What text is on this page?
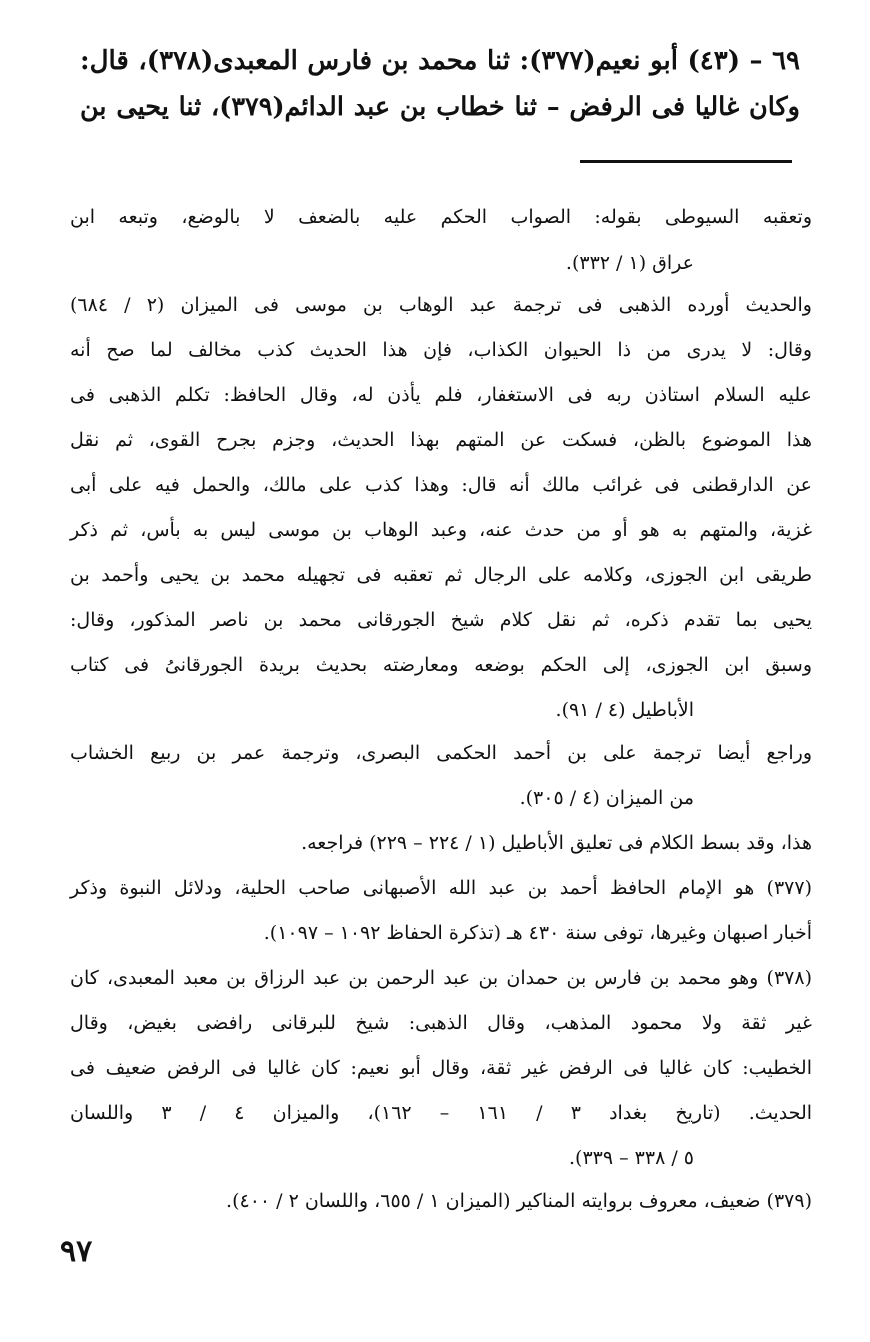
٦٩ – (٤٣) أبو نعيم(٣٧٧): ثنا محمد بن فارس المعبدى(٣٧٨)، قال:
وكان غاليا فى الرفض – ثنا خطاب بن عبد الدائم(٣٧٩)، ثنا يحيى بن
وتعقبه السيوطى بقوله: الصواب الحكم عليه بالضعف لا بالوضع، وتبعه ابن
عراق (١ / ٣٣٢).
والحديث أورده الذهبى فى ترجمة عبد الوهاب بن موسى فى الميزان (٢ / ٦٨٤)
وقال: لا يدرى من ذا الحيوان الكذاب، فإن هذا الحديث كذب مخالف لما صح أنه
عليه السلام استاذن ربه فى الاستغفار، فلم يأذن له، وقال الحافظ: تكلم الذهبى فى
هذا الموضوع بالظن، فسكت عن المتهم بهذا الحديث، وجزم بجرح القوى، ثم نقل
عن الدارقطنى فى غرائب مالك أنه قال: وهذا كذب على مالك، والحمل فيه على أبى
غزية، والمتهم به هو أو من حدث عنه، وعبد الوهاب بن موسى ليس به بأس، ثم ذكر
طريقى ابن الجوزى، وكلامه على الرجال ثم تعقبه فى تجهيله محمد بن يحيى وأحمد بن
يحيى بما تقدم ذكره، ثم نقل كلام شيخ الجورقانى محمد بن ناصر المذكور، وقال:
وسبق ابن الجوزى، إلى الحكم بوضعه ومعارضته بحديث بريدة الجورقانىُ فى كتاب
الأباطيل (٤ / ٩١).
وراجع أيضا ترجمة على بن أحمد الحكمى البصرى، وترجمة عمر بن ربيع الخشاب
من الميزان (٤ / ٣٠٥).
هذا، وقد بسط الكلام فى تعليق الأباطيل (١ / ٢٢٤ – ٢٢٩) فراجعه.
(٣٧٧) هو الإمام الحافظ أحمد بن عبد الله الأصبهانى صاحب الحلية، ودلائل النبوة وذكر
أخبار اصبهان وغيرها، توفى سنة ٤٣٠ هـ (تذكرة الحفاظ ١٠٩٢ – ١٠٩٧).
(٣٧٨) وهو محمد بن فارس بن حمدان بن عبد الرحمن بن عبد الرزاق بن معبد المعبدى، كان
غير ثقة ولا محمود المذهب، وقال الذهبى: شيخ للبرقانى رافضى بغيض، وقال
الخطيب: كان غاليا فى الرفض غير ثقة، وقال أبو نعيم: كان غاليا فى الرفض ضعيف فى
الحديث. (تاريخ بغداد ٣ / ١٦١ – ١٦٢)، والميزان ٤ / ٣ واللسان
٥ / ٣٣٨ – ٣٣٩).
(٣٧٩) ضعيف، معروف بروايته المناكير (الميزان ١ / ٦٥٥، واللسان ٢ / ٤٠٠).
٩٧
